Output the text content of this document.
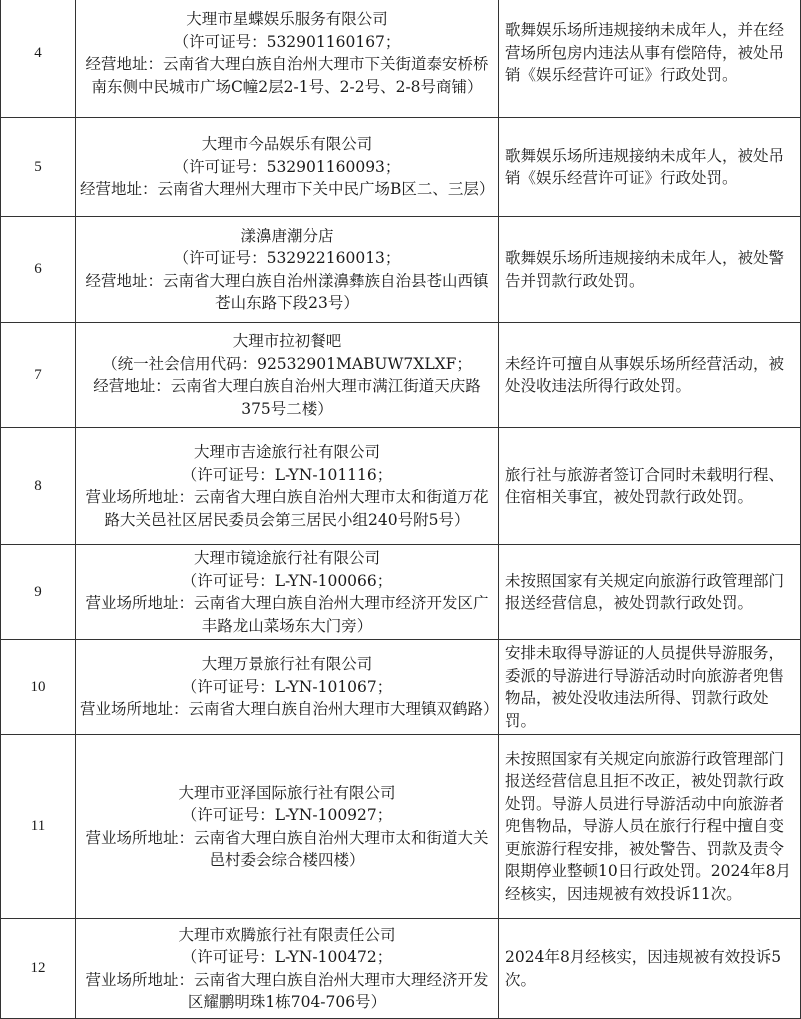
4	大理市星蝶娱乐服务有限公司
（许可证号：532901160167；
经营地址：云南省大理白族自治州大理市下关街道泰安桥桥南东侧中民城市广场C幢2层2-1号、2-2号、2-8号商铺）	歌舞娱乐场所违规接纳未成年人，并在经营场所包房内违法从事有偿陪侍，被处吊销《娱乐经营许可证》行政处罚。
5	大理市今品娱乐有限公司
（许可证号：532901160093；
经营地址：云南省大理州大理市下关中民广场B区二、三层）	歌舞娱乐场所违规接纳未成年人，被处吊销《娱乐经营许可证》行政处罚。
6	漾濞唐潮分店
（许可证号：532922160013；
经营地址：云南省大理白族自治州漾濞彝族自治县苍山西镇苍山东路下段23号）	歌舞娱乐场所违规接纳未成年人，被处警告并罚款行政处罚。
7	大理市拉初餐吧
（统一社会信用代码：92532901MABUW7XLXF；
经营地址：云南省大理白族自治州大理市满江街道天庆路375号二楼）	未经许可擅自从事娱乐场所经营活动，被处没收违法所得行政处罚。
8	大理市吉途旅行社有限公司
（许可证号：L-YN-101116；
营业场所地址：云南省大理白族自治州大理市太和街道万花路大关邑社区居民委员会第三居民小组240号附5号）	旅行社与旅游者签订合同时未载明行程、住宿相关事宜，被处罚款行政处罚。
9	大理市镜途旅行社有限公司
（许可证号：L-YN-100066；
营业场所地址：云南省大理白族自治州大理市经济开发区广丰路龙山菜场东大门旁）	未按照国家有关规定向旅游行政管理部门报送经营信息，被处罚款行政处罚。
10	大理万景旅行社有限公司
（许可证号：L-YN-101067；
营业场所地址：云南省大理白族自治州大理市大理镇双鹤路）	安排未取得导游证的人员提供导游服务，委派的导游进行导游活动时向旅游者兜售物品，被处没收违法所得、罚款行政处罚。
11	大理市亚泽国际旅行社有限公司
（许可证号：L-YN-100927；
营业场所地址：云南省大理白族自治州大理市太和街道大关邑村委会综合楼四楼）	未按照国家有关规定向旅游行政管理部门报送经营信息且拒不改正，被处罚款行政处罚。导游人员进行导游活动中向旅游者兜售物品，导游人员在旅行行程中擅自变更旅游行程安排，被处警告、罚款及责令限期停业整顿10日行政处罚。2024年8月经核实，因违规被有效投诉11次。
12	大理市欢腾旅行社有限责任公司
（许可证号：L-YN-100472；
营业场所地址：云南省大理白族自治州大理市大理经济开发区耀鹏明珠1栋704-706号）	2024年8月经核实，因违规被有效投诉5次。
